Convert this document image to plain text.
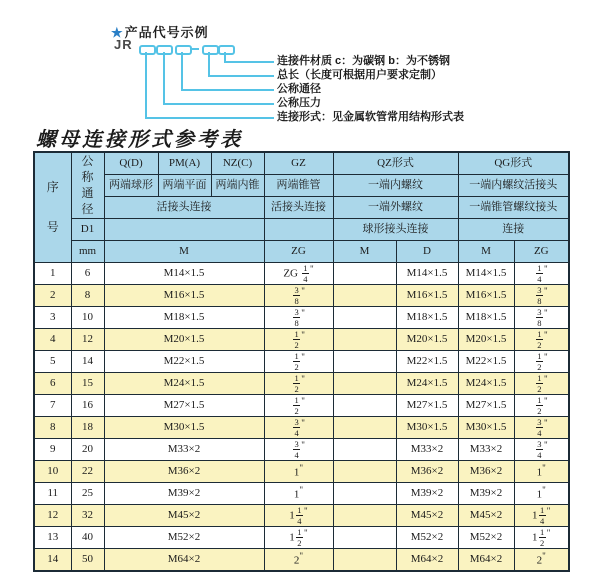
★产品代号示例
JR
连接件材质 c：为碳钢 b：为不锈钢
总长（长度可根据用户要求定制）
公称通径
公称压力
连接形式：见金属软管常用结构形式表
螺母连接形式参考表
序
号	公
称
通
径	Q(D)	PM(A)	NZ(C)	GZ	QZ形式		QG形式	
		两端球形	两端平面	两端内锥	两端锥管	一端内螺纹		一端内螺纹活接头	
		活接头连接			活接头连接	一端外螺纹		一端锥管螺纹接头	
	D1					球形接头连接		连接	
	mm	M			ZG	M	D	M	ZG
1	6	M14×1.5			ZG $\frac{1}{4} ^"$		M14×1.5	M14×1.5	$\frac{1}{4} ^"$
2	8	M16×1.5			$\frac{3}{8} ^"$		M16×1.5	M16×1.5	$\frac{3}{8} ^"$
3	10	M18×1.5			$\frac{3}{8} ^"$		M18×1.5	M18×1.5	$\frac{3}{8} ^"$
4	12	M20×1.5			$\frac{1}{2} ^"$		M20×1.5	M20×1.5	$\frac{1}{2} ^"$
5	14	M22×1.5			$\frac{1}{2} ^"$		M22×1.5	M22×1.5	$\frac{1}{2} ^"$
6	15	M24×1.5			$\frac{1}{2} ^"$		M24×1.5	M24×1.5	$\frac{1}{2} ^"$
7	16	M27×1.5			$\frac{1}{2} ^"$		M27×1.5	M27×1.5	$\frac{1}{2} ^"$
8	18	M30×1.5			$\frac{3}{4} ^"$		M30×1.5	M30×1.5	$\frac{3}{4} ^"$
9	20	M33×2			$\frac{3}{4} ^"$		M33×2	M33×2	$\frac{3}{4} ^"$
10	22	M36×2			1"		M36×2	M36×2	1"
11	25	M39×2			1"		M39×2	M39×2	1"
12	32	M45×2			$1 \frac{1}{4} ^"$		M45×2	M45×2	$1 \frac{1}{4} ^"$
13	40	M52×2			$1 \frac{1}{2} ^"$		M52×2	M52×2	$1 \frac{1}{2} ^"$
14	50	M64×2			2"		M64×2	M64×2	2"
